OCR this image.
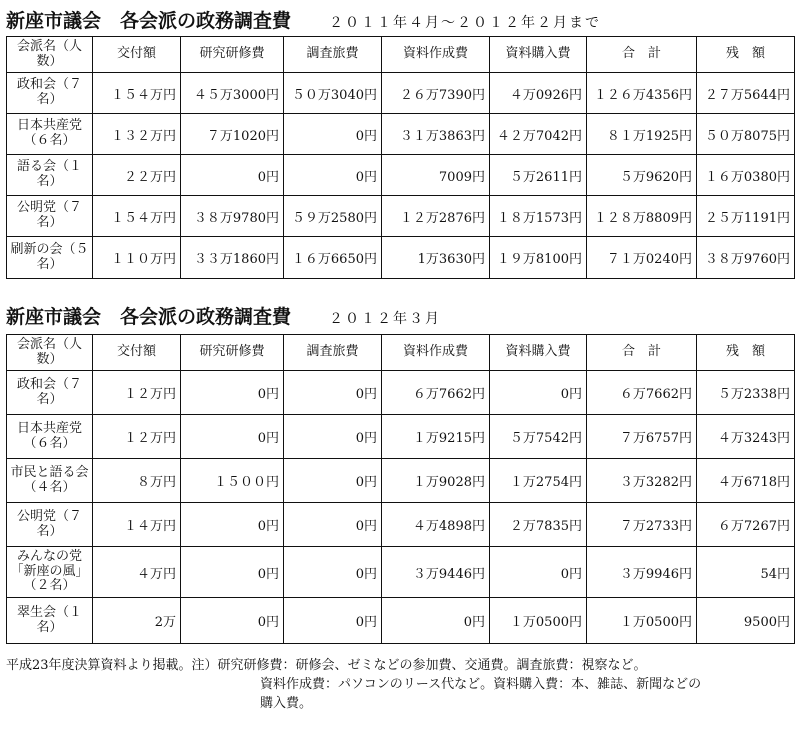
新座市議会　各会派の政務調査費	２０１１年４月〜２０１２年２月まで
会派名（人数）	交付額	研究研修費	調査旅費	資料作成費	資料購入費	合　計	残　額
政和会（７名）	１５４万円	４５万3000円	５０万3040円	２６万7390円	４万0926円	１２６万4356円	２７万5644円
日本共産党（６名）	１３２万円	７万1020円	0円	３１万3863円	４２万7042円	８１万1925円	５０万8075円
語る会（１名）	２２万円	0円	0円	7009円	５万2611円	５万9620円	１６万0380円
公明党（７名）	１５４万円	３８万9780円	５９万2580円	１２万2876円	１８万1573円	１２８万8809円	２５万1191円
刷新の会（５名）	１１０万円	３３万1860円	１６万6650円	1万3630円	１９万8100円	７１万0240円	３８万9760円
新座市議会　各会派の政務調査費	２０１２年３月
会派名（人数）	交付額	研究研修費	調査旅費	資料作成費	資料購入費	合　計	残　額
政和会（７名）	１２万円	0円	0円	６万7662円	0円	６万7662円	５万2338円
日本共産党（６名）	１２万円	0円	0円	１万9215円	５万7542円	７万6757円	４万3243円
市民と語る会（４名）	８万円	１５００円	0円	１万9028円	１万2754円	３万3282円	４万6718円
公明党（７名）	１４万円	0円	0円	４万4898円	２万7835円	７万2733円	６万7267円
みんなの党「新座の風」（２名）	４万円	0円	0円	３万9446円	0円	３万9946円	54円
翠生会（１名）	2万	0円	0円	0円	１万0500円	１万0500円	9500円
平成23年度決算資料より掲載。注）研究研修費：研修会、ゼミなどの参加費、交通費。調査旅費：視察など。
資料作成費：パソコンのリース代など。資料購入費：本、雑誌、新聞などの
購入費。
